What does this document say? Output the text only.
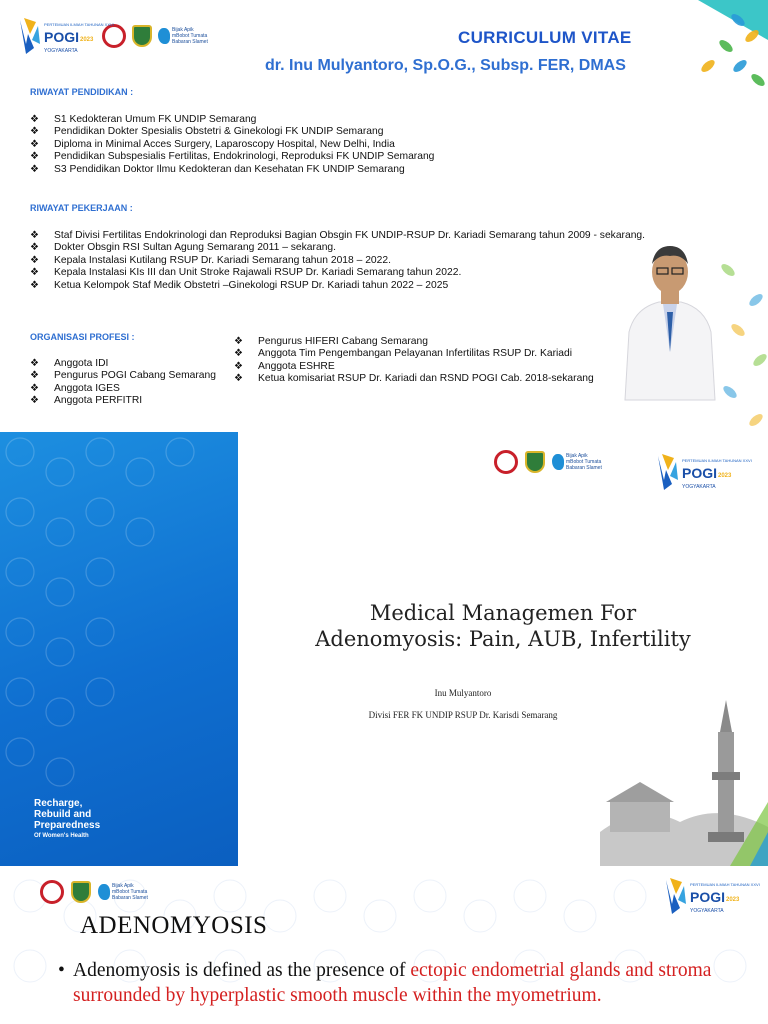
PERTEMUAN ILMIAH TAHUNAN XXVI
POGI 2023
YOGYAKARTA
Bijak Apik mBobot Tumata Babaran Slamet	CURRICULUM VITAE
dr. Inu Mulyantoro, Sp.O.G., Subsp. FER, DMAS
RIWAYAT PENDIDIKAN :
❖ S1 Kedokteran Umum FK UNDIP Semarang
❖ Pendidikan Dokter Spesialis Obstetri & Ginekologi FK UNDIP Semarang
❖ Diploma in Minimal Acces Surgery, Laparoscopy Hospital, New Delhi, India
❖ Pendidikan Subspesialis Fertilitas, Endokrinologi, Reproduksi FK UNDIP Semarang
❖ S3 Pendidikan Doktor Ilmu Kedokteran dan Kesehatan FK UNDIP Semarang
RIWAYAT PEKERJAAN :
❖ Staf Divisi Fertilitas Endokrinologi dan Reproduksi Bagian Obsgin FK UNDIP-RSUP Dr. Kariadi Semarang tahun 2009 - sekarang.
❖ Dokter Obsgin RSI Sultan Agung Semarang 2011 – sekarang.
❖ Kepala Instalasi Kutilang RSUP Dr. Kariadi Semarang tahun 2018 – 2022.
❖ Kepala Instalasi KIs III dan Unit Stroke Rajawali RSUP Dr. Kariadi Semarang tahun 2022.
❖ Ketua Kelompok Staf Medik Obstetri –Ginekologi RSUP Dr. Kariadi tahun 2022 – 2025
ORGANISASI PROFESI :
❖ Anggota IDI
❖ Pengurus POGI Cabang Semarang
❖ Anggota IGES
❖ Anggota PERFITRI
❖ Pengurus HIFERI Cabang Semarang
❖ Anggota Tim Pengembangan Pelayanan Infertilitas RSUP Dr. Kariadi
❖ Anggota ESHRE
❖ Ketua komisariat RSUP Dr. Kariadi dan RSND POGI Cab. 2018-sekarang
Recharge,
Rebuild and
Preparedness
Of Women's Health
Bijak Apik mBobot Tumata Babaran Slamet
PERTEMUAN ILMIAH TAHUNAN XXVI
POGI 2023
YOGYAKARTA
Medical Managemen For
Adenomyosis: Pain, AUB, Infertility
Inu Mulyantoro
Divisi FER FK UNDIP RSUP Dr. Karisdi Semarang
Bijak Apik mBobot Tumata Babaran Slamet
PERTEMUAN ILMIAH TAHUNAN XXVI
POGI 2023
YOGYAKARTA
ADENOMYOSIS
• Adenomyosis is defined as the presence of ectopic endometrial glands and stroma surrounded by hyperplastic smooth muscle within the myometrium.
